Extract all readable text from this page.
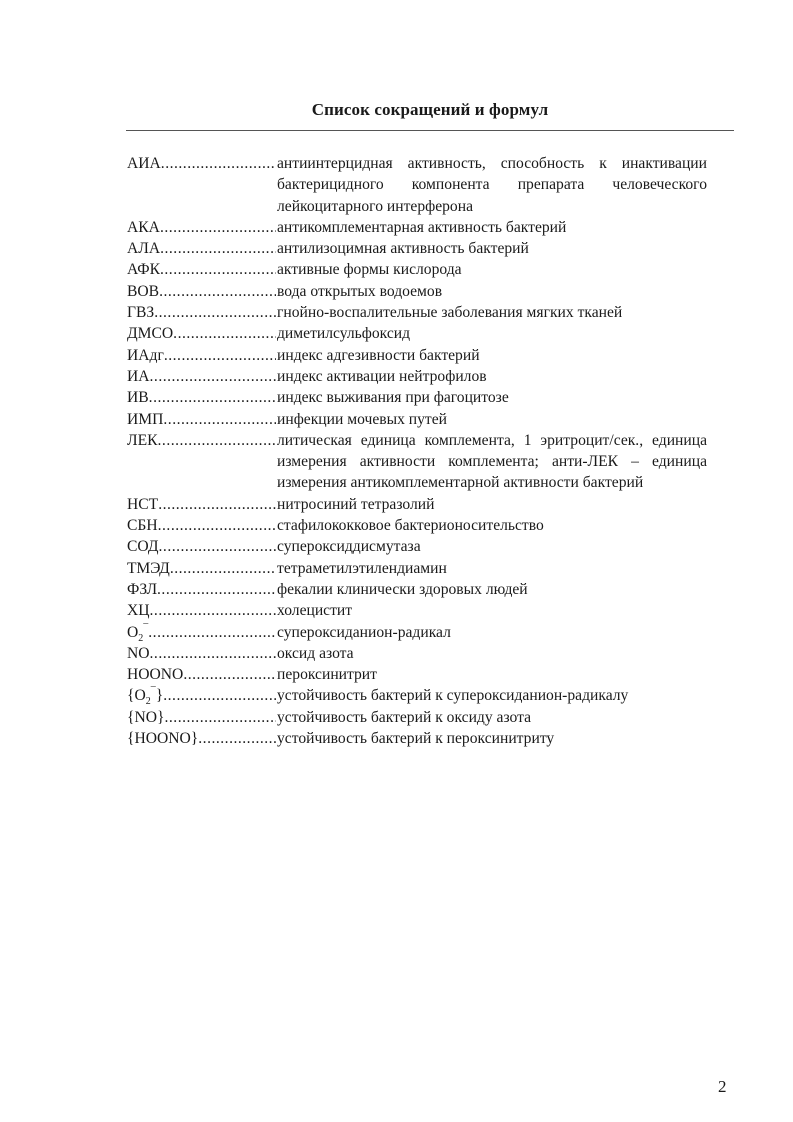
Список сокращений и формул
АИА .....	антиинтерцидная активность, способность к инактивации бактерицидного компонента препарата человеческого лейкоцитарного интерферона
АКА .....	антикомплементарная активность бактерий
АЛА .....	антилизоцимная активность бактерий
АФК .....	активные формы кислорода
ВОВ .....	вода открытых водоемов
ГВЗ .....	гнойно-воспалительные заболевания мягких тканей
ДМСО .....	диметилсульфоксид
ИАдг .....	индекс адгезивности бактерий
ИА .....	индекс активации нейтрофилов
ИВ .....	индекс выживания при фагоцитозе
ИМП .....	инфекции мочевых путей
ЛЕК .....	литическая единица комплемента, 1 эритроцит/сек., единица измерения активности комплемента; анти-ЛЕК – единица измерения антикомплементарной активности бактерий
НСТ .....	нитросиний тетразолий
СБН .....	стафилококковое бактерионосительство
СОД .....	супероксиддисмутаза
ТМЭД .....	тетраметилэтилендиамин
ФЗЛ .....	фекалии клинически здоровых людей
ХЦ .....	холецистит
$O_2^¯$ .....	супероксиданион-радикал
NO .....	оксид азота
HOONO .....	пероксинитрит
$\{O_2^¯\}$ .....	устойчивость бактерий к супероксиданион-радикалу
{NO} .....	устойчивость бактерий к оксиду азота
{HOONO} .....	устойчивость бактерий к пероксинитриту
2
